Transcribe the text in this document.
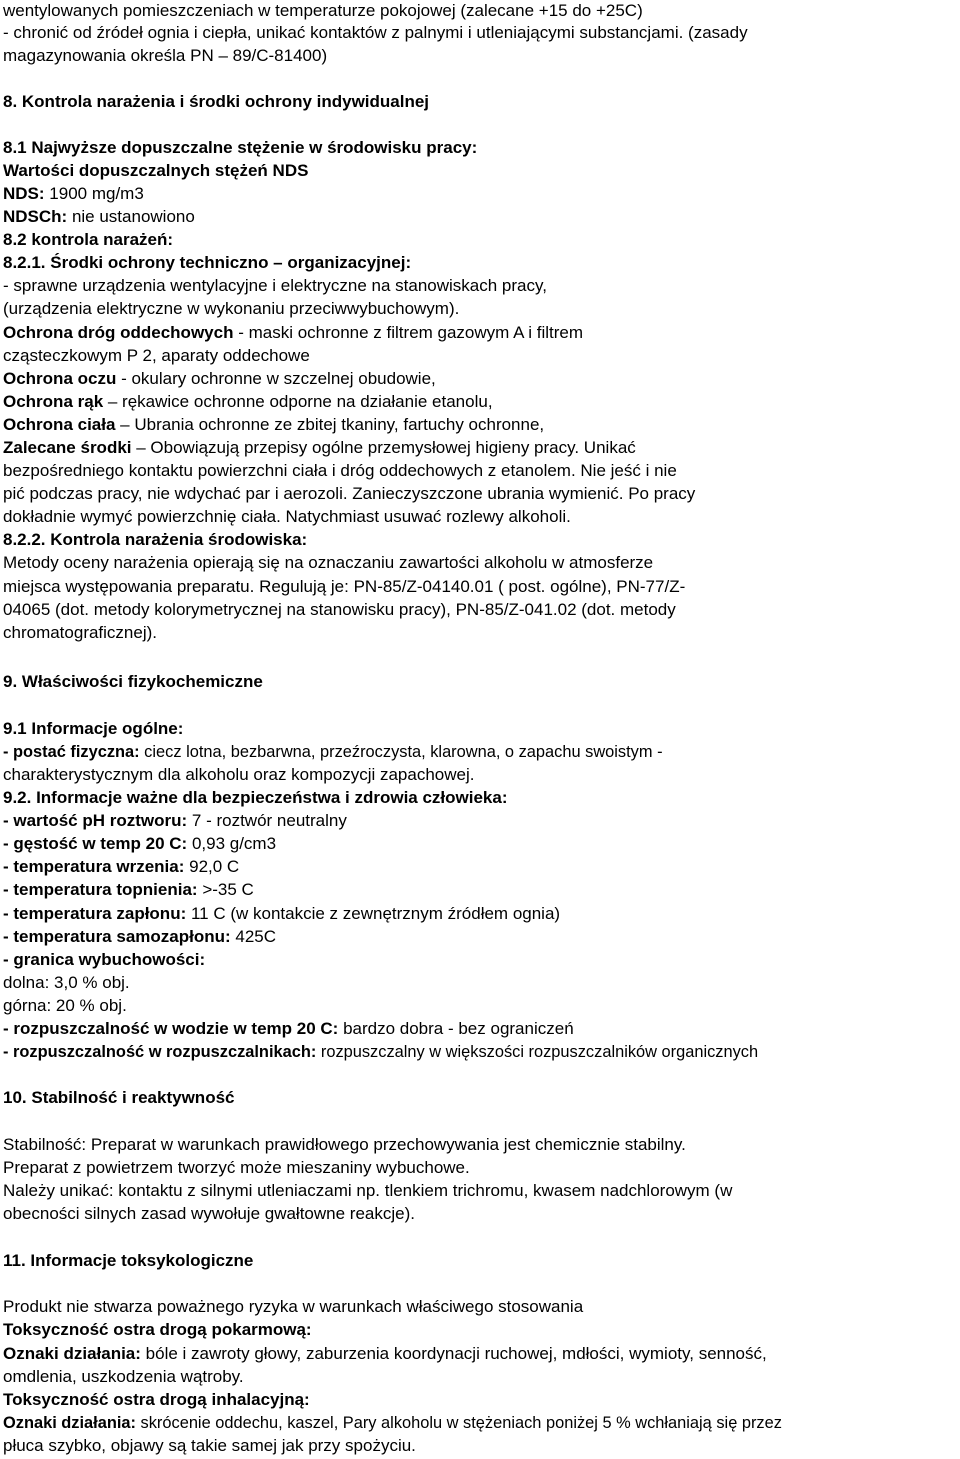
wentylowanych pomieszczeniach w temperaturze pokojowej (zalecane +15 do +25C)

- chronić od źródeł ognia i ciepła, unikać kontaktów z palnymi i utleniającymi substancjami. (zasady

magazynowania określa PN – 89/C-81400)

8. Kontrola narażenia i środki ochrony indywidualnej

8.1 Najwyższe dopuszczalne stężenie w środowisku pracy:

Wartości dopuszczalnych stężeń NDS

NDS: 1900 mg/m3

NDSCh: nie ustanowiono

8.2 kontrola narażeń:

8.2.1. Środki ochrony techniczno – organizacyjnej:

- sprawne urządzenia wentylacyjne i elektryczne na stanowiskach pracy,

(urządzenia elektryczne w wykonaniu przeciwwybuchowym).

Ochrona dróg oddechowych - maski ochronne z filtrem gazowym A i filtrem

cząsteczkowym P 2, aparaty oddechowe

Ochrona oczu - okulary ochronne w szczelnej obudowie,

Ochrona rąk – rękawice ochronne odporne na działanie etanolu,

Ochrona ciała – Ubrania ochronne ze zbitej tkaniny, fartuchy ochronne,

Zalecane środki – Obowiązują przepisy ogólne przemysłowej higieny pracy. Unikać

bezpośredniego kontaktu powierzchni ciała i dróg oddechowych z etanolem. Nie jeść i nie

pić podczas pracy, nie wdychać par i aerozoli. Zanieczyszczone ubrania wymienić. Po pracy

dokładnie wymyć powierzchnię ciała. Natychmiast usuwać rozlewy alkoholi.

8.2.2. Kontrola narażenia środowiska:

Metody oceny narażenia opierają się na oznaczaniu zawartości alkoholu w atmosferze

miejsca występowania preparatu. Regulują je: PN-85/Z-04140.01 ( post. ogólne), PN-77/Z-

04065 (dot. metody kolorymetrycznej na stanowisku pracy), PN-85/Z-041.02 (dot. metody

chromatograficznej).

9. Właściwości fizykochemiczne

9.1 Informacje ogólne:

- postać fizyczna: ciecz lotna, bezbarwna, przeźroczysta, klarowna, o zapachu swoistym -

charakterystycznym dla alkoholu oraz kompozycji zapachowej.

9.2. Informacje ważne dla bezpieczeństwa i zdrowia człowieka:

- wartość pH roztworu: 7 - roztwór neutralny

- gęstość w temp 20 C: 0,93 g/cm3

- temperatura wrzenia: 92,0 C

- temperatura topnienia: >-35 C

- temperatura zapłonu: 11 C (w kontakcie z zewnętrznym źródłem ognia)

- temperatura samozapłonu: 425C

- granica wybuchowości:

dolna: 3,0 % obj.

górna: 20 % obj.

- rozpuszczalność w wodzie w temp 20 C: bardzo dobra - bez ograniczeń

- rozpuszczalność w rozpuszczalnikach: rozpuszczalny w większości rozpuszczalników organicznych

10. Stabilność i reaktywność

Stabilność: Preparat w warunkach prawidłowego przechowywania jest chemicznie stabilny.

Preparat z powietrzem tworzyć może mieszaniny wybuchowe.

Należy unikać: kontaktu z silnymi utleniaczami np. tlenkiem trichromu, kwasem nadchlorowym (w

obecności silnych zasad wywołuje gwałtowne reakcje).

11. Informacje toksykologiczne

Produkt nie stwarza poważnego ryzyka w warunkach właściwego stosowania

Toksyczność ostra drogą pokarmową:

Oznaki działania: bóle i zawroty głowy, zaburzenia koordynacji ruchowej, mdłości, wymioty, senność,

omdlenia, uszkodzenia wątroby.

Toksyczność ostra drogą inhalacyjną:

Oznaki działania: skrócenie oddechu, kaszel, Pary alkoholu w stężeniach poniżej 5 % wchłaniają się przez

płuca szybko, objawy są takie samej jak przy spożyciu.
